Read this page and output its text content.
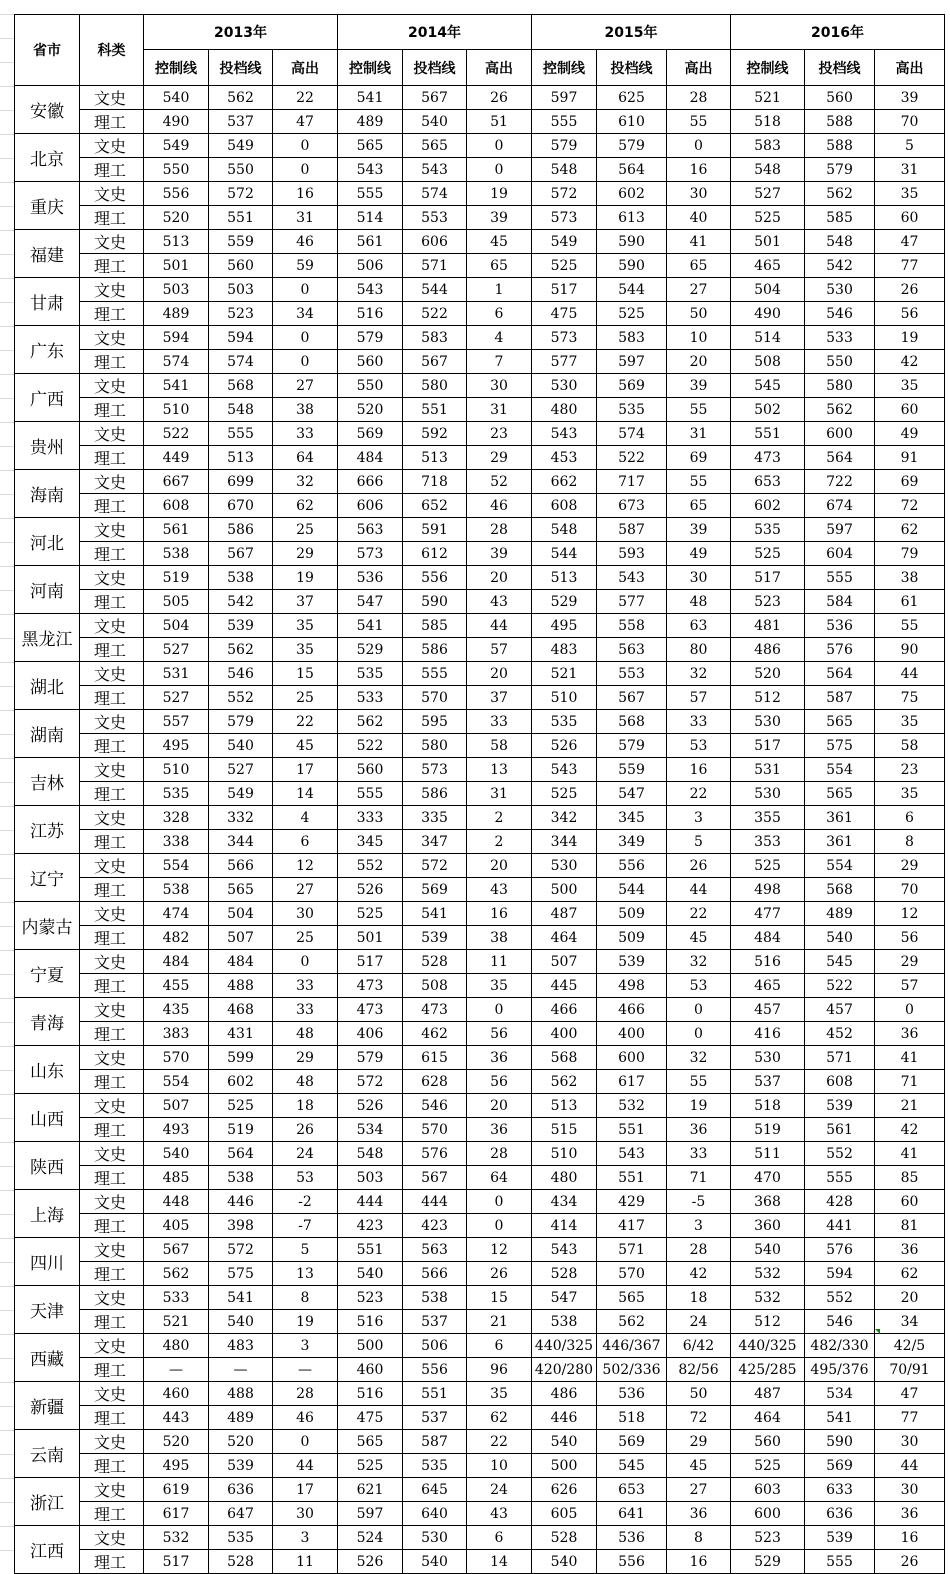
省市	科类	2013年			2014年			2015年			2016年		
		控制线	投档线	高出	控制线	投档线	高出	控制线	投档线	高出	控制线	投档线	高出
安徽	文史	540	562	22	541	567	26	597	625	28	521	560	39
	理工	490	537	47	489	540	51	555	610	55	518	588	70
北京	文史	549	549	0	565	565	0	579	579	0	583	588	5
	理工	550	550	0	543	543	0	548	564	16	548	579	31
重庆	文史	556	572	16	555	574	19	572	602	30	527	562	35
	理工	520	551	31	514	553	39	573	613	40	525	585	60
福建	文史	513	559	46	561	606	45	549	590	41	501	548	47
	理工	501	560	59	506	571	65	525	590	65	465	542	77
甘肃	文史	503	503	0	543	544	1	517	544	27	504	530	26
	理工	489	523	34	516	522	6	475	525	50	490	546	56
广东	文史	594	594	0	579	583	4	573	583	10	514	533	19
	理工	574	574	0	560	567	7	577	597	20	508	550	42
广西	文史	541	568	27	550	580	30	530	569	39	545	580	35
	理工	510	548	38	520	551	31	480	535	55	502	562	60
贵州	文史	522	555	33	569	592	23	543	574	31	551	600	49
	理工	449	513	64	484	513	29	453	522	69	473	564	91
海南	文史	667	699	32	666	718	52	662	717	55	653	722	69
	理工	608	670	62	606	652	46	608	673	65	602	674	72
河北	文史	561	586	25	563	591	28	548	587	39	535	597	62
	理工	538	567	29	573	612	39	544	593	49	525	604	79
河南	文史	519	538	19	536	556	20	513	543	30	517	555	38
	理工	505	542	37	547	590	43	529	577	48	523	584	61
黑龙江	文史	504	539	35	541	585	44	495	558	63	481	536	55
	理工	527	562	35	529	586	57	483	563	80	486	576	90
湖北	文史	531	546	15	535	555	20	521	553	32	520	564	44
	理工	527	552	25	533	570	37	510	567	57	512	587	75
湖南	文史	557	579	22	562	595	33	535	568	33	530	565	35
	理工	495	540	45	522	580	58	526	579	53	517	575	58
吉林	文史	510	527	17	560	573	13	543	559	16	531	554	23
	理工	535	549	14	555	586	31	525	547	22	530	565	35
江苏	文史	328	332	4	333	335	2	342	345	3	355	361	6
	理工	338	344	6	345	347	2	344	349	5	353	361	8
辽宁	文史	554	566	12	552	572	20	530	556	26	525	554	29
	理工	538	565	27	526	569	43	500	544	44	498	568	70
内蒙古	文史	474	504	30	525	541	16	487	509	22	477	489	12
	理工	482	507	25	501	539	38	464	509	45	484	540	56
宁夏	文史	484	484	0	517	528	11	507	539	32	516	545	29
	理工	455	488	33	473	508	35	445	498	53	465	522	57
青海	文史	435	468	33	473	473	0	466	466	0	457	457	0
	理工	383	431	48	406	462	56	400	400	0	416	452	36
山东	文史	570	599	29	579	615	36	568	600	32	530	571	41
	理工	554	602	48	572	628	56	562	617	55	537	608	71
山西	文史	507	525	18	526	546	20	513	532	19	518	539	21
	理工	493	519	26	534	570	36	515	551	36	519	561	42
陕西	文史	540	564	24	548	576	28	510	543	33	511	552	41
	理工	485	538	53	503	567	64	480	551	71	470	555	85
上海	文史	448	446	-2	444	444	0	434	429	-5	368	428	60
	理工	405	398	-7	423	423	0	414	417	3	360	441	81
四川	文史	567	572	5	551	563	12	543	571	28	540	576	36
	理工	562	575	13	540	566	26	528	570	42	532	594	62
天津	文史	533	541	8	523	538	15	547	565	18	532	552	20
	理工	521	540	19	516	537	21	538	562	24	512	546	34
西藏	文史	480	483	3	500	506	6	440/325	446/367	6/42	440/325	482/330	42/5
	理工	—	—	—	460	556	96	420/280	502/336	82/56	425/285	495/376	70/91
新疆	文史	460	488	28	516	551	35	486	536	50	487	534	47
	理工	443	489	46	475	537	62	446	518	72	464	541	77
云南	文史	520	520	0	565	587	22	540	569	29	560	590	30
	理工	495	539	44	525	535	10	500	545	45	525	569	44
浙江	文史	619	636	17	621	645	24	626	653	27	603	633	30
	理工	617	647	30	597	640	43	605	641	36	600	636	36
江西	文史	532	535	3	524	530	6	528	536	8	523	539	16
	理工	517	528	11	526	540	14	540	556	16	529	555	26
